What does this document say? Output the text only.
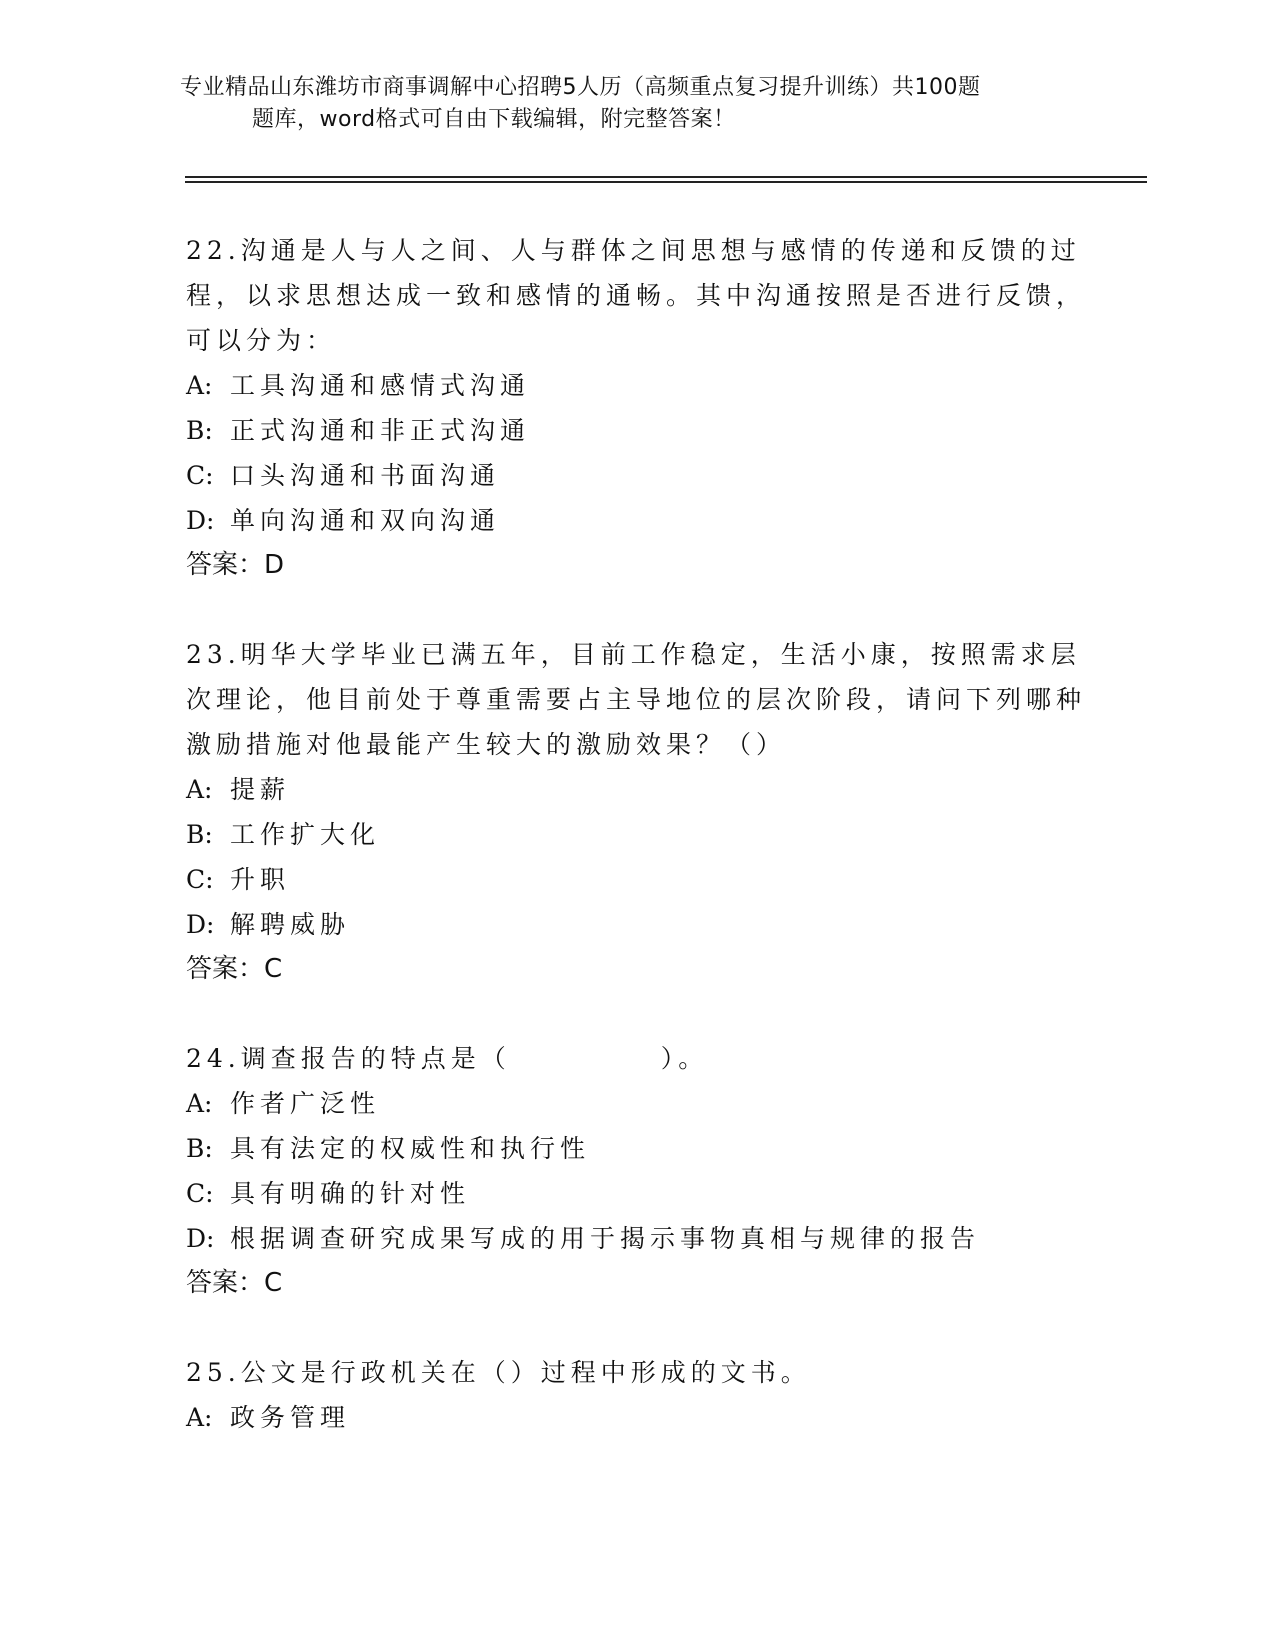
专业精品山东潍坊市商事调解中心招聘5人历（高频重点复习提升训练）共100题
题库，word格式可自由下载编辑，附完整答案！

22.沟通是人与人之间、人与群体之间思想与感情的传递和反馈的过程，以求思想达成一致和感情的通畅。其中沟通按照是否进行反馈，可以分为：

A: 工具沟通和感情式沟通

B: 正式沟通和非正式沟通

C: 口头沟通和书面沟通

D: 单向沟通和双向沟通

答案：D

23.明华大学毕业已满五年，目前工作稳定，生活小康，按照需求层次理论，他目前处于尊重需要占主导地位的层次阶段，请问下列哪种激励措施对他最能产生较大的激励效果？（）

A: 提薪

B: 工作扩大化

C: 升职

D: 解聘威胁

答案：C

24.调查报告的特点是（　　　　　）。

A: 作者广泛性

B: 具有法定的权威性和执行性

C: 具有明确的针对性

D: 根据调查研究成果写成的用于揭示事物真相与规律的报告

答案：C

25.公文是行政机关在（）过程中形成的文书。

A: 政务管理
